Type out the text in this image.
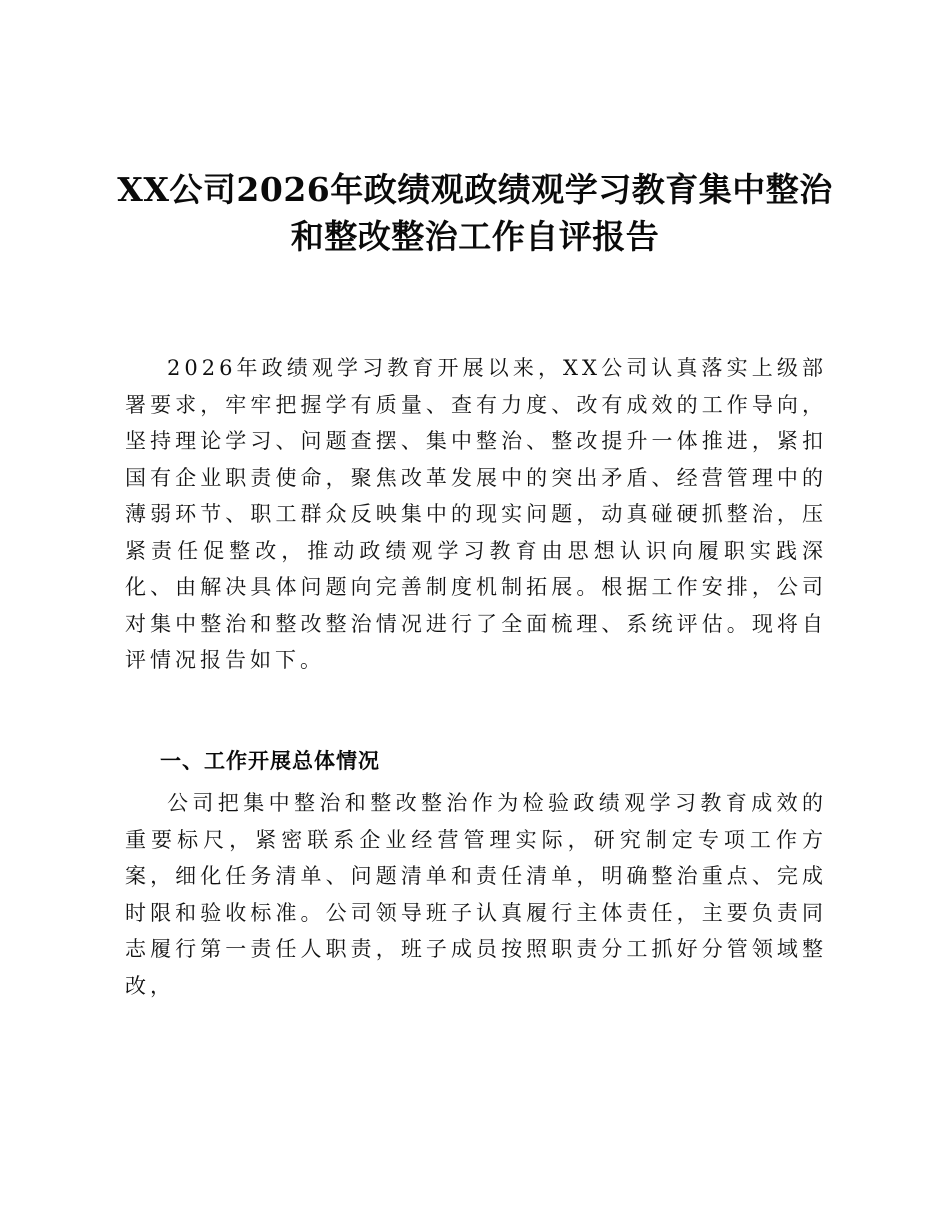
XX公司2026年政绩观政绩观学习教育集中整治和整改整治工作自评报告

2026年政绩观学习教育开展以来，XX公司认真落实上级部署要求，牢牢把握学有质量、查有力度、改有成效的工作导向，坚持理论学习、问题查摆、集中整治、整改提升一体推进，紧扣国有企业职责使命，聚焦改革发展中的突出矛盾、经营管理中的薄弱环节、职工群众反映集中的现实问题，动真碰硬抓整治，压紧责任促整改，推动政绩观学习教育由思想认识向履职实践深化、由解决具体问题向完善制度机制拓展。根据工作安排，公司对集中整治和整改整治情况进行了全面梳理、系统评估。现将自评情况报告如下。

一、工作开展总体情况

公司把集中整治和整改整治作为检验政绩观学习教育成效的重要标尺，紧密联系企业经营管理实际，研究制定专项工作方案，细化任务清单、问题清单和责任清单，明确整治重点、完成时限和验收标准。公司领导班子认真履行主体责任，主要负责同志履行第一责任人职责，班子成员按照职责分工抓好分管领域整改，
